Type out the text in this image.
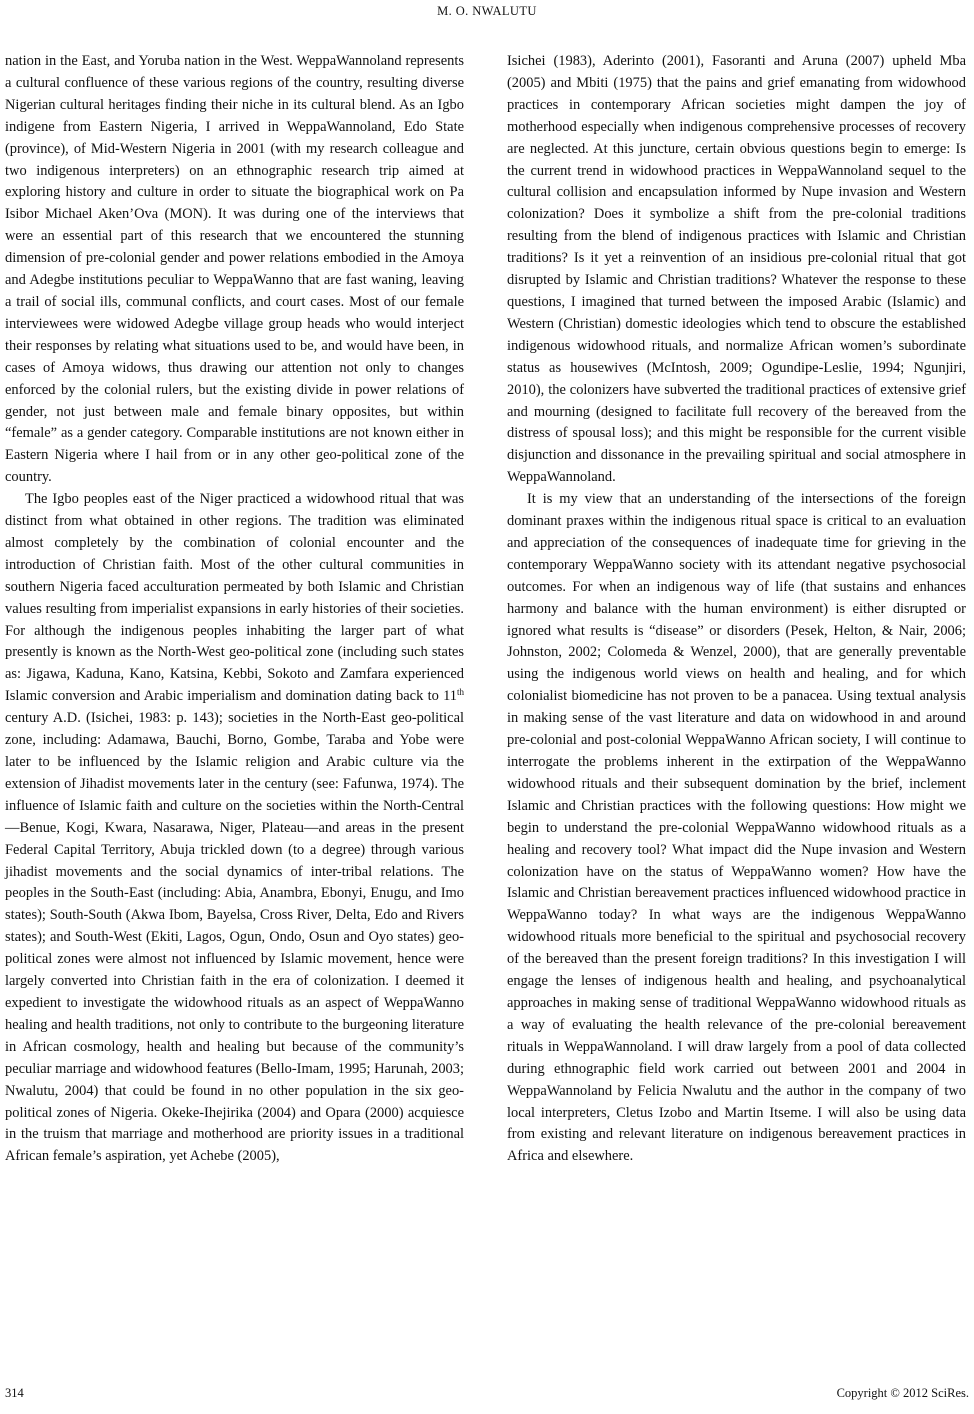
M. O. NWALUTU

nation in the East, and Yoruba nation in the West. WeppaWannoland represents a cultural confluence of these various regions of the country, resulting diverse Nigerian cultural heritages finding their niche in its cultural blend. As an Igbo indigene from Eastern Nigeria, I arrived in WeppaWannoland, Edo State (province), of Mid-Western Nigeria in 2001 (with my research colleague and two indigenous interpreters) on an ethnographic research trip aimed at exploring history and culture in order to situate the biographical work on Pa Isibor Michael Aken’Ova (MON). It was during one of the interviews that were an essential part of this research that we encountered the stunning dimension of pre-colonial gender and power relations embodied in the Amoya and Adegbe institutions peculiar to WeppaWanno that are fast waning, leaving a trail of social ills, communal conflicts, and court cases. Most of our female interviewees were widowed Adegbe village group heads who would interject their responses by relating what situations used to be, and would have been, in cases of Amoya widows, thus drawing our attention not only to changes enforced by the colonial rulers, but the existing divide in power relations of gender, not just between male and female binary opposites, but within “female” as a gender category. Comparable institutions are not known either in Eastern Nigeria where I hail from or in any other geo-political zone of the country.

The Igbo peoples east of the Niger practiced a widowhood ritual that was distinct from what obtained in other regions. The tradition was eliminated almost completely by the combination of colonial encounter and the introduction of Christian faith. Most of the other cultural communities in southern Nigeria faced acculturation permeated by both Islamic and Christian values resulting from imperialist expansions in early histories of their societies. For although the indigenous peoples inhabiting the larger part of what presently is known as the North-West geo-political zone (including such states as: Jigawa, Kaduna, Kano, Katsina, Kebbi, Sokoto and Zamfara experienced Islamic conversion and Arabic imperialism and domination dating back to 11th century A.D. (Isichei, 1983: p. 143); societies in the North-East geo-political zone, including: Adamawa, Bauchi, Borno, Gombe, Taraba and Yobe were later to be influenced by the Islamic religion and Arabic culture via the extension of Jihadist movements later in the century (see: Fafunwa, 1974). The influence of Islamic faith and culture on the societies within the North-Central—Benue, Kogi, Kwara, Nasarawa, Niger, Plateau—and areas in the present Federal Capital Territory, Abuja trickled down (to a degree) through various jihadist movements and the social dynamics of inter-tribal relations. The peoples in the South-East (including: Abia, Anambra, Ebonyi, Enugu, and Imo states); South-South (Akwa Ibom, Bayelsa, Cross River, Delta, Edo and Rivers states); and South-West (Ekiti, Lagos, Ogun, Ondo, Osun and Oyo states) geo-political zones were almost not influenced by Islamic movement, hence were largely converted into Christian faith in the era of colonization. I deemed it expedient to investigate the widowhood rituals as an aspect of WeppaWanno healing and health traditions, not only to contribute to the burgeoning literature in African cosmology, health and healing but because of the community’s peculiar marriage and widowhood features (Bello-Imam, 1995; Harunah, 2003; Nwalutu, 2004) that could be found in no other population in the six geo-political zones of Nigeria. Okeke-Ihejirika (2004) and Opara (2000) acquiesce in the truism that marriage and motherhood are priority issues in a traditional African female’s aspiration, yet Achebe (2005),

Isichei (1983), Aderinto (2001), Fasoranti and Aruna (2007) upheld Mba (2005) and Mbiti (1975) that the pains and grief emanating from widowhood practices in contemporary African societies might dampen the joy of motherhood especially when indigenous comprehensive processes of recovery are neglected. At this juncture, certain obvious questions begin to emerge: Is the current trend in widowhood practices in WeppaWannoland sequel to the cultural collision and encapsulation informed by Nupe invasion and Western colonization? Does it symbolize a shift from the pre-colonial traditions resulting from the blend of indigenous practices with Islamic and Christian traditions? Is it yet a reinvention of an insidious pre-colonial ritual that got disrupted by Islamic and Christian traditions? Whatever the response to these questions, I imagined that turned between the imposed Arabic (Islamic) and Western (Christian) domestic ideologies which tend to obscure the established indigenous widowhood rituals, and normalize African women’s subordinate status as housewives (McIntosh, 2009; Ogundipe-Leslie, 1994; Ngunjiri, 2010), the colonizers have subverted the traditional practices of extensive grief and mourning (designed to facilitate full recovery of the bereaved from the distress of spousal loss); and this might be responsible for the current visible disjunction and dissonance in the prevailing spiritual and social atmosphere in WeppaWannoland.

It is my view that an understanding of the intersections of the foreign dominant praxes within the indigenous ritual space is critical to an evaluation and appreciation of the consequences of inadequate time for grieving in the contemporary WeppaWanno society with its attendant negative psychosocial outcomes. For when an indigenous way of life (that sustains and enhances harmony and balance with the human environment) is either disrupted or ignored what results is “disease” or disorders (Pesek, Helton, & Nair, 2006; Johnston, 2002; Colomeda & Wenzel, 2000), that are generally preventable using the indigenous world views on health and healing, and for which colonialist biomedicine has not proven to be a panacea. Using textual analysis in making sense of the vast literature and data on widowhood in and around pre-colonial and post-colonial WeppaWanno African society, I will continue to interrogate the problems inherent in the extirpation of the WeppaWanno widowhood rituals and their subsequent domination by the brief, inclement Islamic and Christian practices with the following questions: How might we begin to understand the pre-colonial WeppaWanno widowhood rituals as a healing and recovery tool? What impact did the Nupe invasion and Western colonization have on the status of WeppaWanno women? How have the Islamic and Christian bereavement practices influenced widowhood practice in WeppaWanno today? In what ways are the indigenous WeppaWanno widowhood rituals more beneficial to the spiritual and psychosocial recovery of the bereaved than the present foreign traditions? In this investigation I will engage the lenses of indigenous health and healing, and psychoanalytical approaches in making sense of traditional WeppaWanno widowhood rituals as a way of evaluating the health relevance of the pre-colonial bereavement rituals in WeppaWannoland. I will draw largely from a pool of data collected during ethnographic field work carried out between 2001 and 2004 in WeppaWannoland by Felicia Nwalutu and the author in the company of two local interpreters, Cletus Izobo and Martin Itseme. I will also be using data from existing and relevant literature on indigenous bereavement practices in Africa and elsewhere.

314	Copyright © 2012 SciRes.
